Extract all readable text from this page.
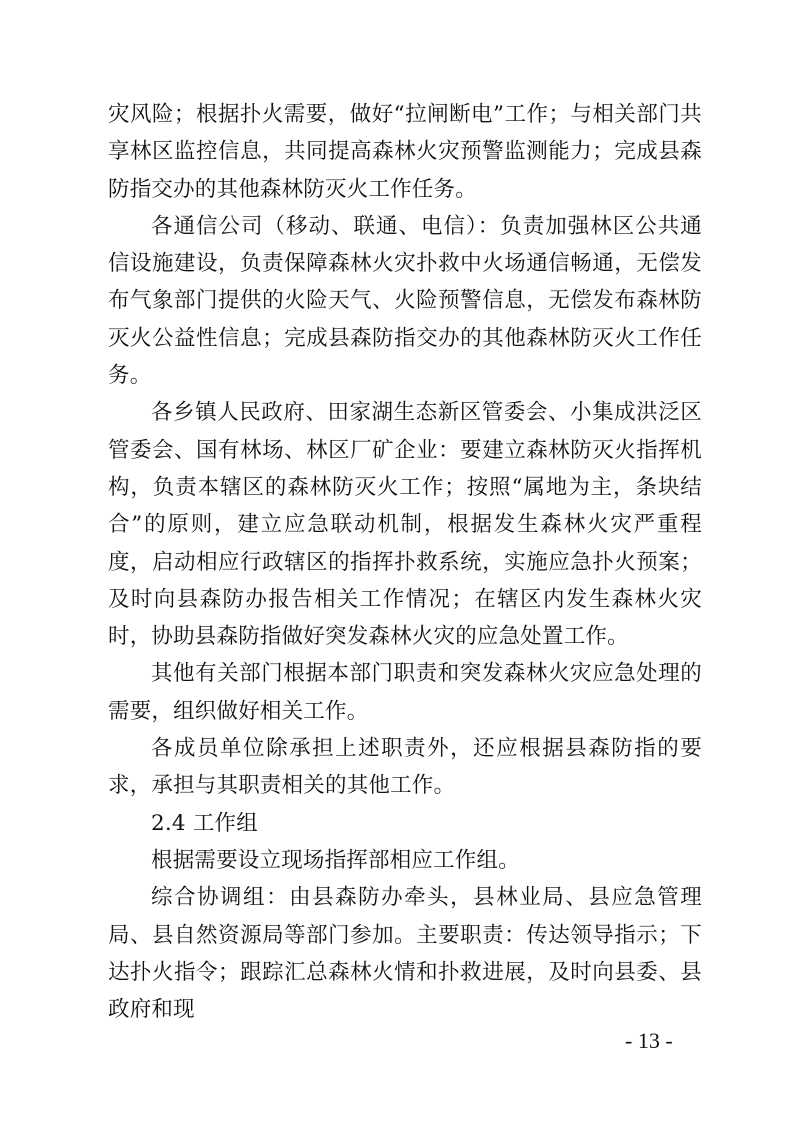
灾风险；根据扑火需要，做好“拉闸断电”工作；与相关部门共享林区监控信息，共同提高森林火灾预警监测能力；完成县森防指交办的其他森林防灭火工作任务。

各通信公司（移动、联通、电信）：负责加强林区公共通信设施建设，负责保障森林火灾扑救中火场通信畅通，无偿发布气象部门提供的火险天气、火险预警信息，无偿发布森林防灭火公益性信息；完成县森防指交办的其他森林防灭火工作任务。

各乡镇人民政府、田家湖生态新区管委会、小集成洪泛区管委会、国有林场、林区厂矿企业：要建立森林防灭火指挥机构，负责本辖区的森林防灭火工作；按照“属地为主，条块结合”的原则，建立应急联动机制，根据发生森林火灾严重程度，启动相应行政辖区的指挥扑救系统，实施应急扑火预案；及时向县森防办报告相关工作情况；在辖区内发生森林火灾时，协助县森防指做好突发森林火灾的应急处置工作。

其他有关部门根据本部门职责和突发森林火灾应急处理的需要，组织做好相关工作。

各成员单位除承担上述职责外，还应根据县森防指的要求，承担与其职责相关的其他工作。

2.4 工作组

根据需要设立现场指挥部相应工作组。

综合协调组：由县森防办牵头，县林业局、县应急管理局、县自然资源局等部门参加。主要职责：传达领导指示；下达扑火指令；跟踪汇总森林火情和扑救进展，及时向县委、县政府和现

- 13 -
